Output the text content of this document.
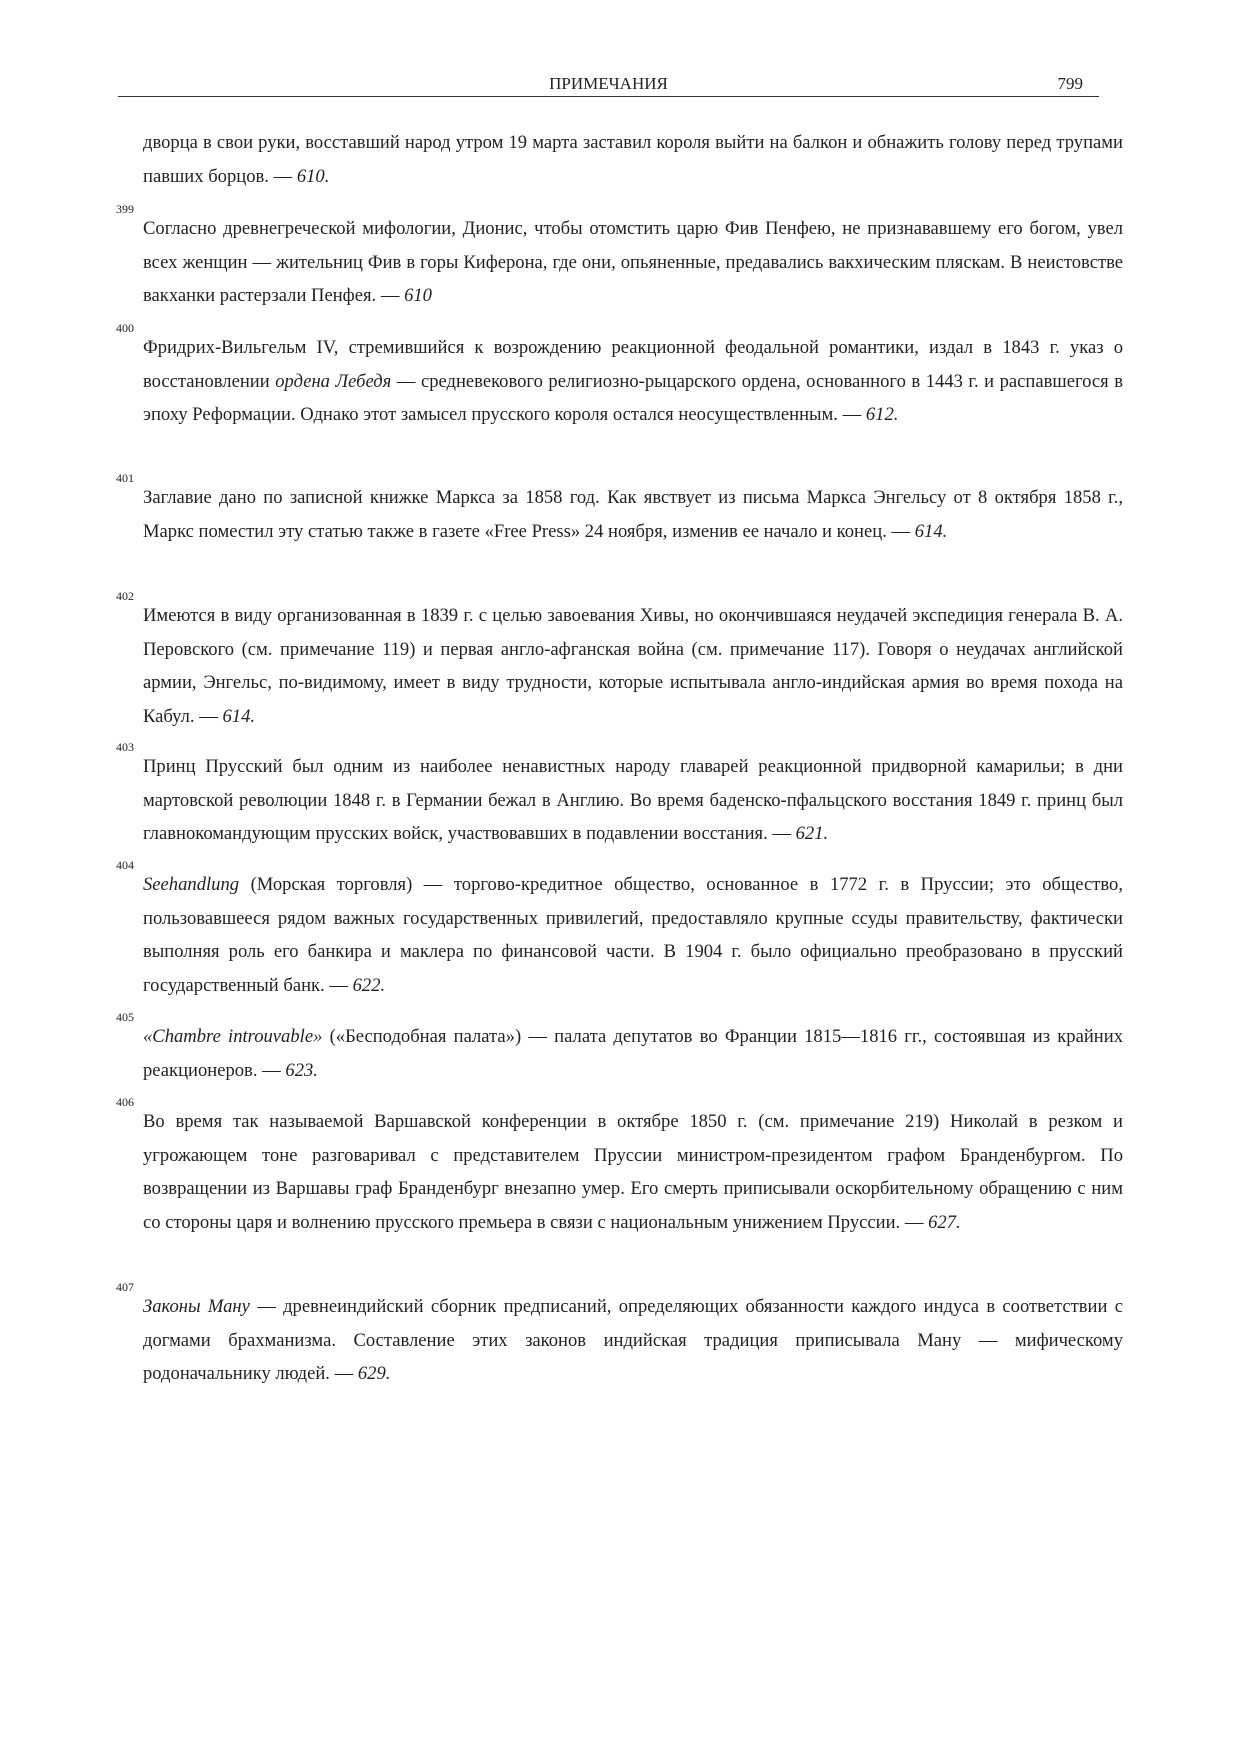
ПРИМЕЧАНИЯ	799
дворца в свои руки, восставший народ утром 19 марта заставил короля выйти на балкон и обнажить голову перед трупами павших борцов. — 610.
399
Согласно древнегреческой мифологии, Дионис, чтобы отомстить царю Фив Пенфею, не признававшему его богом, увел всех женщин — жительниц Фив в горы Киферона, где они, опьяненные, предавались вакхическим пляскам. В неистовстве вакханки растерзали Пенфея. — 610
400
Фридрих-Вильгельм IV, стремившийся к возрождению реакционной феодальной романтики, издал в 1843 г. указ о восстановлении ордена Лебедя — средневекового религиозно-рыцарского ордена, основанного в 1443 г. и распавшегося в эпоху Реформации. Однако этот замысел прусского короля остался неосуществленным. — 612.
401
Заглавие дано по записной книжке Маркса за 1858 год. Как явствует из письма Маркса Энгельсу от 8 октября 1858 г., Маркс поместил эту статью также в газете «Free Press» 24 ноября, изменив ее начало и конец. — 614.
402
Имеются в виду организованная в 1839 г. с целью завоевания Хивы, но окончившаяся неудачей экспедиция генерала В. А. Перовского (см. примечание 119) и первая англо-афганская война (см. примечание 117). Говоря о неудачах английской армии, Энгельс, по-видимому, имеет в виду трудности, которые испытывала англо-индийская армия во время похода на Кабул. — 614.
403
Принц Прусский был одним из наиболее ненавистных народу главарей реакционной придворной камарильи; в дни мартовской революции 1848 г. в Германии бежал в Англию. Во время баденско-пфальцского восстания 1849 г. принц был главнокомандующим прусских войск, участвовавших в подавлении восстания. — 621.
404
Seehandlung (Морская торговля) — торгово-кредитное общество, основанное в 1772 г. в Пруссии; это общество, пользовавшееся рядом важных государственных привилегий, предоставляло крупные ссуды правительству, фактически выполняя роль его банкира и маклера по финансовой части. В 1904 г. было официально преобразовано в прусский государственный банк. — 622.
405
«Chambre introuvable» («Бесподобная палата») — палата депутатов во Франции 1815—1816 гг., состоявшая из крайних реакционеров. — 623.
406
Во время так называемой Варшавской конференции в октябре 1850 г. (см. примечание 219) Николай в резком и угрожающем тоне разговаривал с представителем Пруссии министром-президентом графом Бранденбургом. По возвращении из Варшавы граф Бранденбург внезапно умер. Его смерть приписывали оскорбительному обращению с ним со стороны царя и волнению прусского премьера в связи с национальным унижением Пруссии. — 627.
407
Законы Ману — древнеиндийский сборник предписаний, определяющих обязанности каждого индуса в соответствии с догмами брахманизма. Составление этих законов индийская традиция приписывала Ману — мифическому родоначальнику людей. — 629.
